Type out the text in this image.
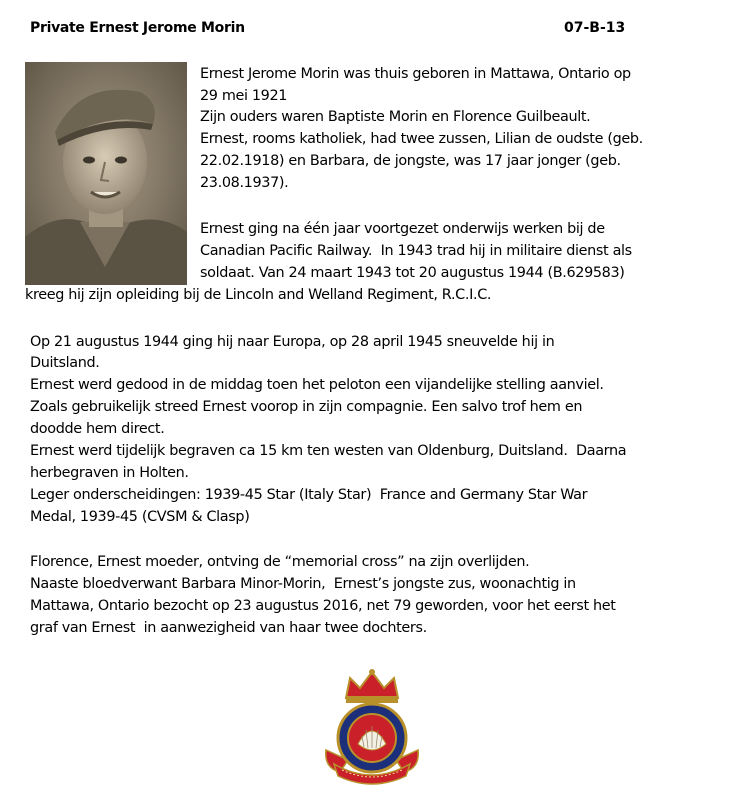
Private Ernest Jerome Morin	07-B-13
Ernest Jerome Morin was thuis geboren in Mattawa, Ontario op
29 mei 1921
Zijn ouders waren Baptiste Morin en Florence Guilbeault.
Ernest, rooms katholiek, had twee zussen, Lilian de oudste (geb.
22.02.1918) en Barbara, de jongste, was 17 jaar jonger (geb.
23.08.1937).
Ernest ging na één jaar voortgezet onderwijs werken bij de
Canadian Pacific Railway.  In 1943 trad hij in militaire dienst als
soldaat. Van 24 maart 1943 tot 20 augustus 1944 (B.629583)
kreeg hij zijn opleiding bij de Lincoln and Welland Regiment, R.C.I.C.
Op 21 augustus 1944 ging hij naar Europa, op 28 april 1945 sneuvelde hij in
Duitsland.
Ernest werd gedood in de middag toen het peloton een vijandelijke stelling aanviel.
Zoals gebruikelijk streed Ernest voorop in zijn compagnie. Een salvo trof hem en
doodde hem direct.
Ernest werd tijdelijk begraven ca 15 km ten westen van Oldenburg, Duitsland.  Daarna
herbegraven in Holten.
Leger onderscheidingen: 1939-45 Star (Italy Star)  France and Germany Star War
Medal, 1939-45 (CVSM & Clasp)
Florence, Ernest moeder, ontving de “memorial cross” na zijn overlijden.
Naaste bloedverwant Barbara Minor-Morin,  Ernest’s jongste zus, woonachtig in
Mattawa, Ontario bezocht op 23 augustus 2016, net 79 geworden, voor het eerst het
graf van Ernest  in aanwezigheid van haar twee dochters.
